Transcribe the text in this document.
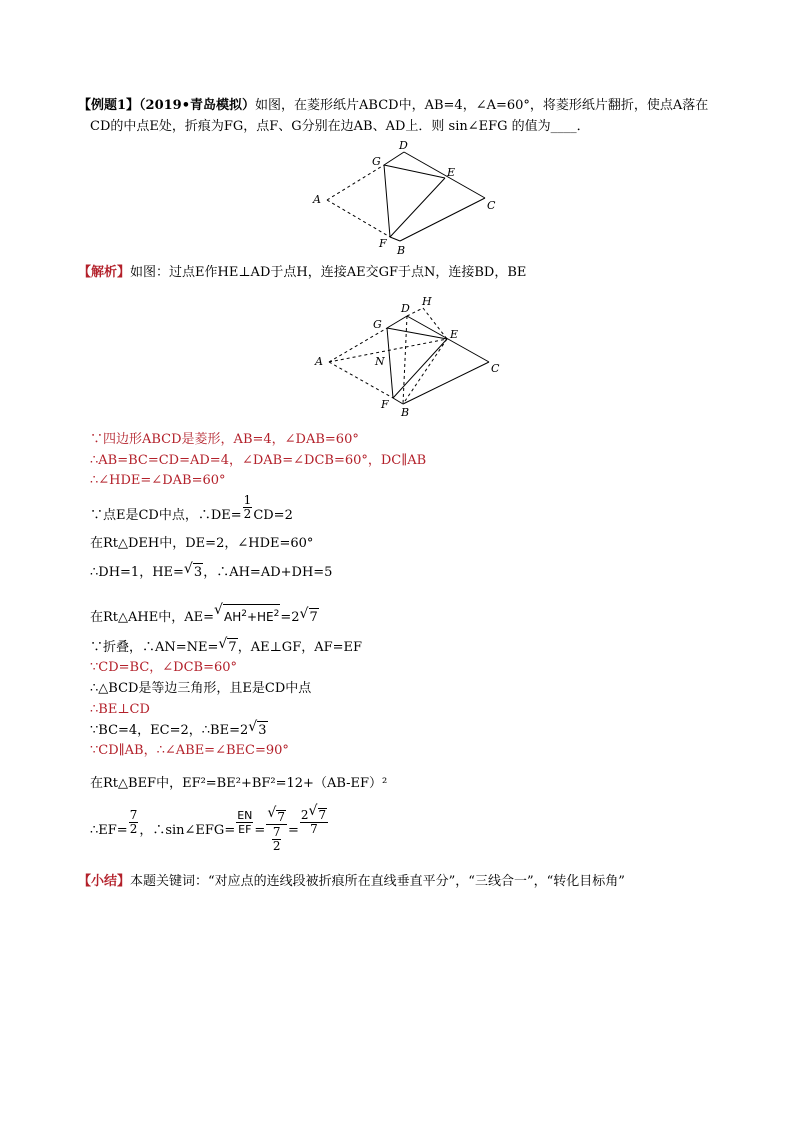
【例题1】（2019•青岛模拟）如图，在菱形纸片ABCD中，AB=4，∠A=60°，将菱形纸片翻折，使点A落在
CD的中点E处，折痕为FG，点F、G分别在边AB、AD上．则 sin∠EFG 的值为____．
D
G
E
A	C
F
B
【解析】如图：过点E作HE⊥AD于点H，连接AE交GF于点N，连接BD，BE
D
H
G
E
A	N
C
F
B
∵四边形ABCD是菱形，AB=4，∠DAB=60°
∴AB=BC=CD=AD=4，∠DAB=∠DCB=60°，DC∥AB
∴∠HDE=∠DAB=60°
∵点E是CD中点，∴DE= $\frac{1}{2} CD=2$
在Rt△DEH中，DE=2，∠HDE=60°
∴DH=1，HE=√ 3，∴AH=AD+DH=5
在Rt△AHE中，AE=√ $AH^2+HE^2=2√$ 7
∵折叠，∴AN=NE=√ 7，AE⊥GF，AF=EF
∵CD=BC，∠DCB=60°
∴△BCD是等边三角形，且E是CD中点
∴BE⊥CD
∵BC=4，EC=2，∴BE=2√ 3
∵CD∥AB，∴∠ABE=∠BEC=90°
在Rt△BEF中，EF²=BE²+BF²=12+（AB-EF）²
∴EF= $\frac{7}{2}$ ，∴sin∠EFG= $\frac{EN}{EF}$ =
√ $\frac{7}{\frac{7}{2}} = \frac{2√ 7}{7}$
【小结】本题关键词：“对应点的连线段被折痕所在直线垂直平分”，“三线合一”，“转化目标角”
